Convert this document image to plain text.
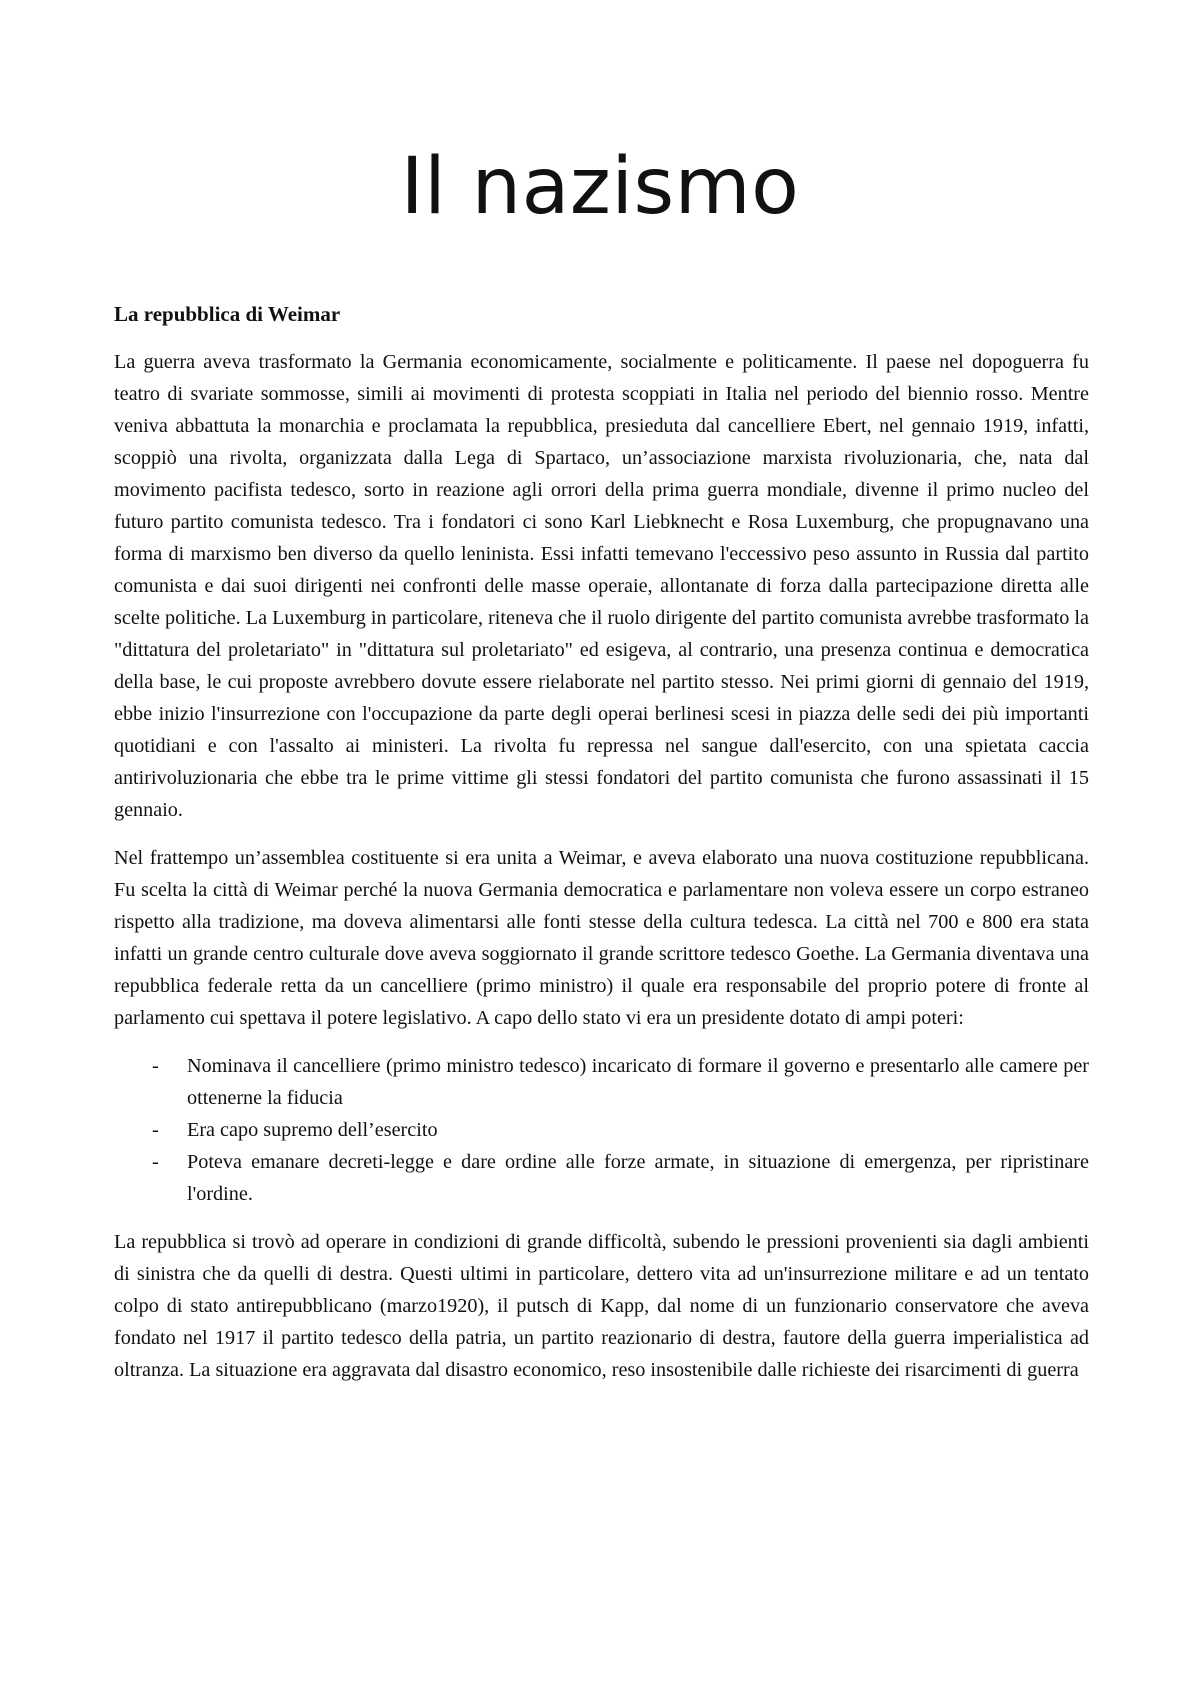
Il nazismo
La repubblica di Weimar

La guerra aveva trasformato la Germania economicamente, socialmente e politicamente. Il paese nel dopoguerra fu teatro di svariate sommosse, simili ai movimenti di protesta scoppiati in Italia nel periodo del biennio rosso. Mentre veniva abbattuta la monarchia e proclamata la repubblica, presieduta dal cancelliere Ebert, nel gennaio 1919, infatti, scoppiò una rivolta, organizzata dalla Lega di Spartaco, un’associazione marxista rivoluzionaria, che, nata dal movimento pacifista tedesco, sorto in reazione agli orrori della prima guerra mondiale, divenne il primo nucleo del futuro partito comunista tedesco. Tra i fondatori ci sono Karl Liebknecht e Rosa Luxemburg, che propugnavano una forma di marxismo ben diverso da quello leninista. Essi infatti temevano l'eccessivo peso assunto in Russia dal partito comunista e dai suoi dirigenti nei confronti delle masse operaie, allontanate di forza dalla partecipazione diretta alle scelte politiche. La Luxemburg in particolare, riteneva che il ruolo dirigente del partito comunista avrebbe trasformato la "dittatura del proletariato" in "dittatura sul proletariato" ed esigeva, al contrario, una presenza continua e democratica della base, le cui proposte avrebbero dovute essere rielaborate nel partito stesso. Nei primi giorni di gennaio del 1919, ebbe inizio l'insurrezione con l'occupazione da parte degli operai berlinesi scesi in piazza delle sedi dei più importanti quotidiani e con l'assalto ai ministeri. La rivolta fu repressa nel sangue dall'esercito, con una spietata caccia antirivoluzionaria che ebbe tra le prime vittime gli stessi fondatori del partito comunista che furono assassinati il 15 gennaio.

Nel frattempo un’assemblea costituente si era unita a Weimar, e aveva elaborato una nuova costituzione repubblicana. Fu scelta la città di Weimar perché la nuova Germania democratica e parlamentare non voleva essere un corpo estraneo rispetto alla tradizione, ma doveva alimentarsi alle fonti stesse della cultura tedesca. La città nel 700 e 800 era stata infatti un grande centro culturale dove aveva soggiornato il grande scrittore tedesco Goethe. La Germania diventava una repubblica federale retta da un cancelliere (primo ministro) il quale era responsabile del proprio potere di fronte al parlamento cui spettava il potere legislativo. A capo dello stato vi era un presidente dotato di ampi poteri:

- Nominava il cancelliere (primo ministro tedesco) incaricato di formare il governo e presentarlo alle camere per ottenerne la fiducia
- Era capo supremo dell’esercito
- Poteva emanare decreti-legge e dare ordine alle forze armate, in situazione di emergenza, per ripristinare l'ordine.

La repubblica si trovò ad operare in condizioni di grande difficoltà, subendo le pressioni provenienti sia dagli ambienti di sinistra che da quelli di destra. Questi ultimi in particolare, dettero vita ad un'insurrezione militare e ad un tentato colpo di stato antirepubblicano (marzo1920), il putsch di Kapp, dal nome di un funzionario conservatore che aveva fondato nel 1917 il partito tedesco della patria, un partito reazionario di destra, fautore della guerra imperialistica ad oltranza. La situazione era aggravata dal disastro economico, reso insostenibile dalle richieste dei risarcimenti di guerra
